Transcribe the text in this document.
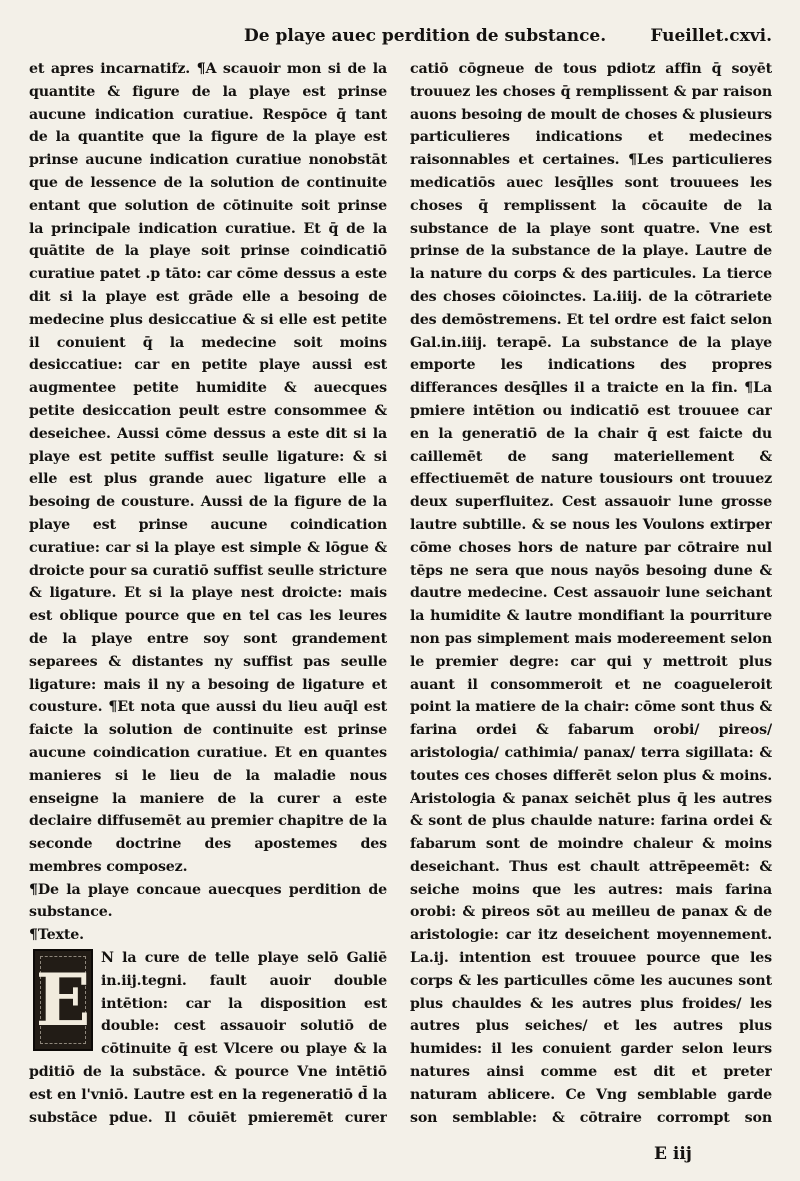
De playe auec perdition de substance.	Fueillet.cxvi.

et apres incarnatifz. ¶A scauoir mon si de la quantite & figure de la playe est prinse aucune indication curatiue. Respōce q̄ tant de la quantite que la figure de la playe est prinse aucune indication curatiue nonobstāt que de lessence de la solution de continuite entant que solution de cōtinuite soit prinse la principale indication curatiue. Et q̄ de la quātite de la playe soit prinse coindicatiō curatiue patet .p tāto: car cōme dessus a este dit si la playe est grāde elle a besoing de medecine plus desiccatiue & si elle est petite il conuient q̄ la medecine soit moins desiccatiue: car en petite playe aussi est augmentee petite humidite & auecques petite desiccation peult estre consommee & deseichee. Aussi cōme dessus a este dit si la playe est petite suffist seulle ligature: & si elle est plus grande auec ligature elle a besoing de cousture. Aussi de la figure de la playe est prinse aucune coindication curatiue: car si la playe est simple & lōgue & droicte pour sa curatiō suffist seulle stricture & ligature. Et si la playe nest droicte: mais est oblique pource que en tel cas les leures de la playe entre soy sont grandement separees & distantes ny suffist pas seulle ligature: mais il ny a besoing de ligature et cousture. ¶Et nota que aussi du lieu auq̄l est faicte la solution de continuite est prinse aucune coindication curatiue. Et en quantes manieres si le lieu de la maladie nous enseigne la maniere de la curer a este declaire diffusemēt au premier chapitre de la seconde doctrine des apostemes des membres composez.

¶De la playe concaue auecques perdition de substance.

¶Texte.

E N la cure de telle playe selō Galiē in.iij.tegni. fault auoir double intētion: car la disposition est double: cest assauoir solutiō de cōtinuite q̄ est Vlcere ou playe & la pditiō de la substāce. & pource Vne intētiō est en l'vniō. Lautre est en la regeneratiō d̄ la substāce pdue. Il cōuiēt pmieremēt curer

catiō cōgneue de tous pdiotz affin q̄ soyēt trouuez les choses q̄ remplissent & par raison auons besoing de moult de choses & plusieurs particulieres indications et medecines raisonnables et certaines. ¶Les particulieres medicatiōs auec lesq̄lles sont trouuees les choses q̄ remplissent la cōcauite de la substance de la playe sont quatre. Vne est prinse de la substance de la playe. Lautre de la nature du corps & des particules. La tierce des choses cōioinctes. La.iiij. de la cōtrariete des demōstremens. Et tel ordre est faict selon Gal.in.iiij. terapē. La substance de la playe emporte les indications des propres differances desq̄lles il a traicte en la fin. ¶La pmiere intētion ou indicatiō est trouuee car en la generatiō de la chair q̄ est faicte du caillemēt de sang materiellement & effectiuemēt de nature tousiours ont trouuez deux superfluitez. Cest assauoir lune grosse lautre subtille. & se nous les Voulons extirper cōme choses hors de nature par cōtraire nul tēps ne sera que nous nayōs besoing dune & dautre medecine. Cest assauoir lune seichant la humidite & lautre mondifiant la pourriture non pas simplement mais modereement selon le premier degre: car qui y mettroit plus auant il consommeroit et ne coagueleroit point la matiere de la chair: cōme sont thus & farina ordei & fabarum orobi/ pireos/ aristologia/ cathimia/ panax/ terra sigillata: & toutes ces choses differēt selon plus & moins. Aristologia & panax seichēt plus q̄ les autres & sont de plus chaulde nature: farina ordei & fabarum sont de moindre chaleur & moins deseichant. Thus est chault attrēpeemēt: & seiche moins que les autres: mais farina orobi: & pireos sōt au meilleu de panax & de aristologie: car itz deseichent moyennement. La.ij. intention est trouuee pource que les corps & les particulles cōme les aucunes sont plus chauldes & les autres plus froides/ les autres plus seiches/ et les autres plus humides: il les conuient garder selon leurs natures ainsi comme est dit et preter naturam ablicere. Ce Vng semblable garde son semblable: & cōtraire corrompt son

E iij
